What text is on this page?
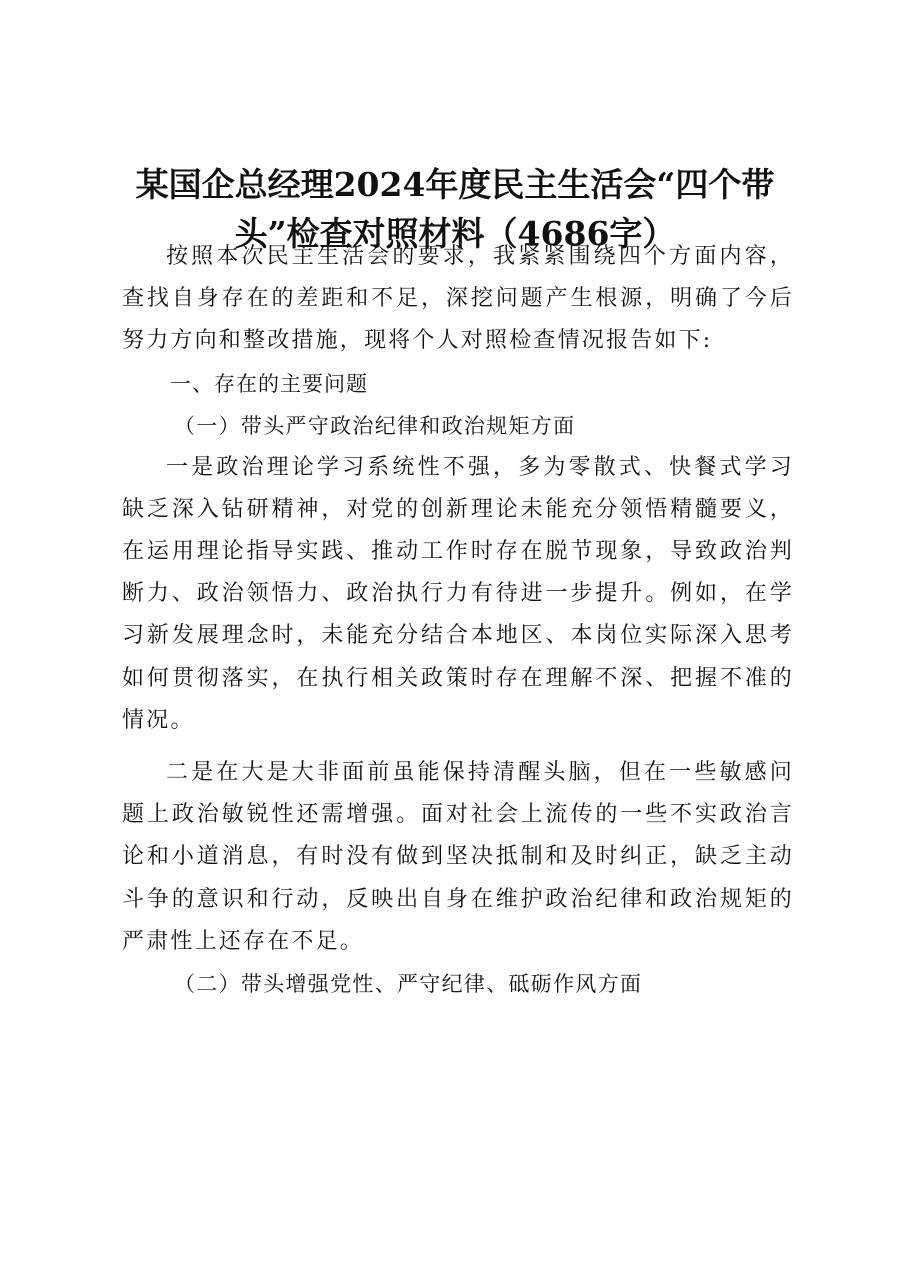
某国企总经理2024年度民主生活会“四个带
头”检查对照材料（4686字）

按照本次民主生活会的要求，我紧紧围绕四个方面内容，查找自身存在的差距和不足，深挖问题产生根源，明确了今后努力方向和整改措施，现将个人对照检查情况报告如下:

一、存在的主要问题
（一）带头严守政治纪律和政治规矩方面

一是政治理论学习系统性不强，多为零散式、快餐式学习缺乏深入钻研精神，对党的创新理论未能充分领悟精髓要义，在运用理论指导实践、推动工作时存在脱节现象，导致政治判断力、政治领悟力、政治执行力有待进一步提升。例如，在学习新发展理念时，未能充分结合本地区、本岗位实际深入思考如何贯彻落实，在执行相关政策时存在理解不深、把握不准的情况。

二是在大是大非面前虽能保持清醒头脑，但在一些敏感问题上政治敏锐性还需增强。面对社会上流传的一些不实政治言论和小道消息，有时没有做到坚决抵制和及时纠正，缺乏主动斗争的意识和行动，反映出自身在维护政治纪律和政治规矩的严肃性上还存在不足。

（二）带头增强党性、严守纪律、砥砺作风方面
